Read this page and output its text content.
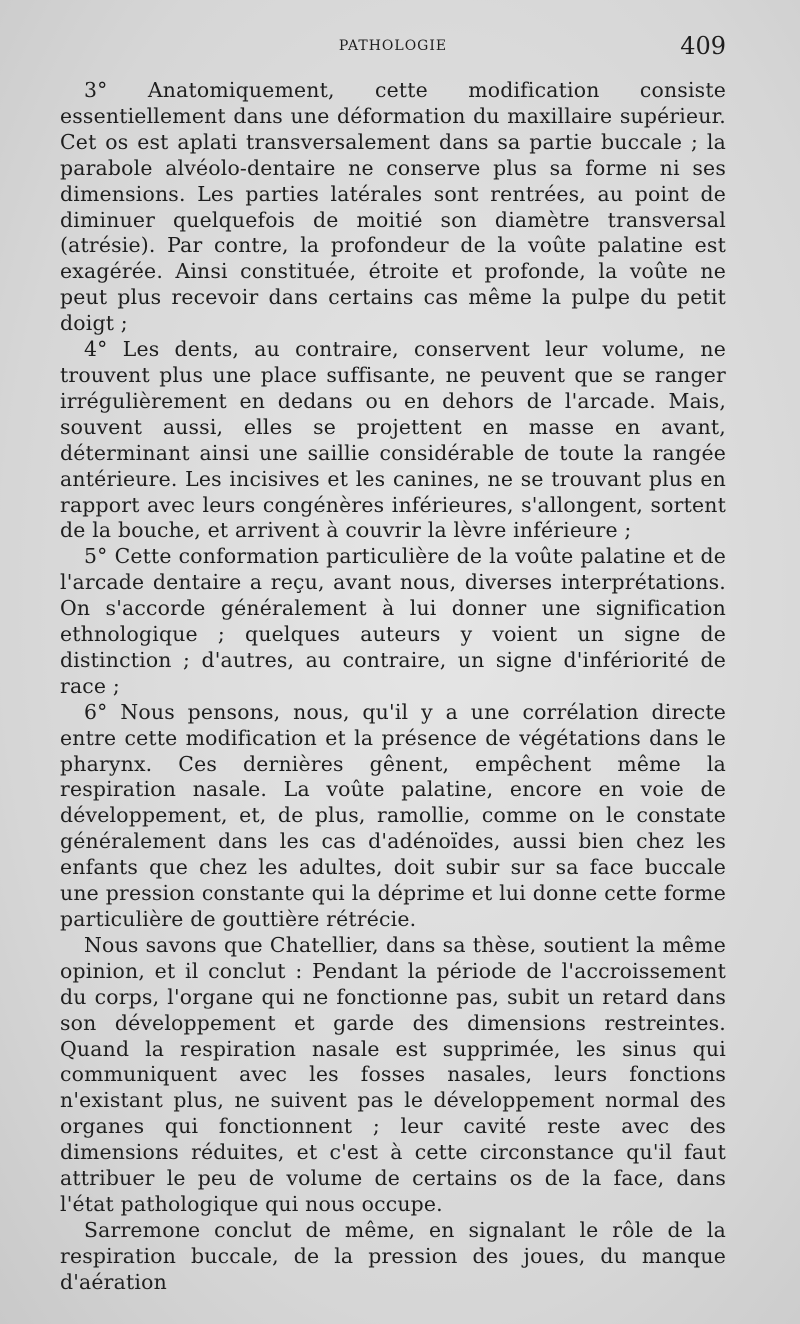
PATHOLOGIE	409

3° Anatomiquement, cette modification consiste essentiellement dans une déformation du maxillaire supérieur. Cet os est aplati transversalement dans sa partie buccale ; la parabole alvéolo-dentaire ne conserve plus sa forme ni ses dimensions. Les parties latérales sont rentrées, au point de diminuer quelquefois de moitié son diamètre transversal (atrésie). Par contre, la profondeur de la voûte palatine est exagérée. Ainsi constituée, étroite et profonde, la voûte ne peut plus recevoir dans certains cas même la pulpe du petit doigt ;

4° Les dents, au contraire, conservent leur volume, ne trouvent plus une place suffisante, ne peuvent que se ranger irrégulièrement en dedans ou en dehors de l'arcade. Mais, souvent aussi, elles se projettent en masse en avant, déterminant ainsi une saillie considérable de toute la rangée antérieure. Les incisives et les canines, ne se trouvant plus en rapport avec leurs congénères inférieures, s'allongent, sortent de la bouche, et arrivent à couvrir la lèvre inférieure ;

5° Cette conformation particulière de la voûte palatine et de l'arcade dentaire a reçu, avant nous, diverses interprétations. On s'accorde généralement à lui donner une signification ethnologique ; quelques auteurs y voient un signe de distinction ; d'autres, au contraire, un signe d'infériorité de race ;

6° Nous pensons, nous, qu'il y a une corrélation directe entre cette modification et la présence de végétations dans le pharynx. Ces dernières gênent, empêchent même la respiration nasale. La voûte palatine, encore en voie de développement, et, de plus, ramollie, comme on le constate généralement dans les cas d'adénoïdes, aussi bien chez les enfants que chez les adultes, doit subir sur sa face buccale une pression constante qui la déprime et lui donne cette forme particulière de gouttière rétrécie.

Nous savons que Chatellier, dans sa thèse, soutient la même opinion, et il conclut : Pendant la période de l'accroissement du corps, l'organe qui ne fonctionne pas, subit un retard dans son développement et garde des dimensions restreintes. Quand la respiration nasale est supprimée, les sinus qui communiquent avec les fosses nasales, leurs fonctions n'existant plus, ne suivent pas le développement normal des organes qui fonctionnent ; leur cavité reste avec des dimensions réduites, et c'est à cette circonstance qu'il faut attribuer le peu de volume de certains os de la face, dans l'état pathologique qui nous occupe.

Sarremone conclut de même, en signalant le rôle de la respiration buccale, de la pression des joues, du manque d'aération
